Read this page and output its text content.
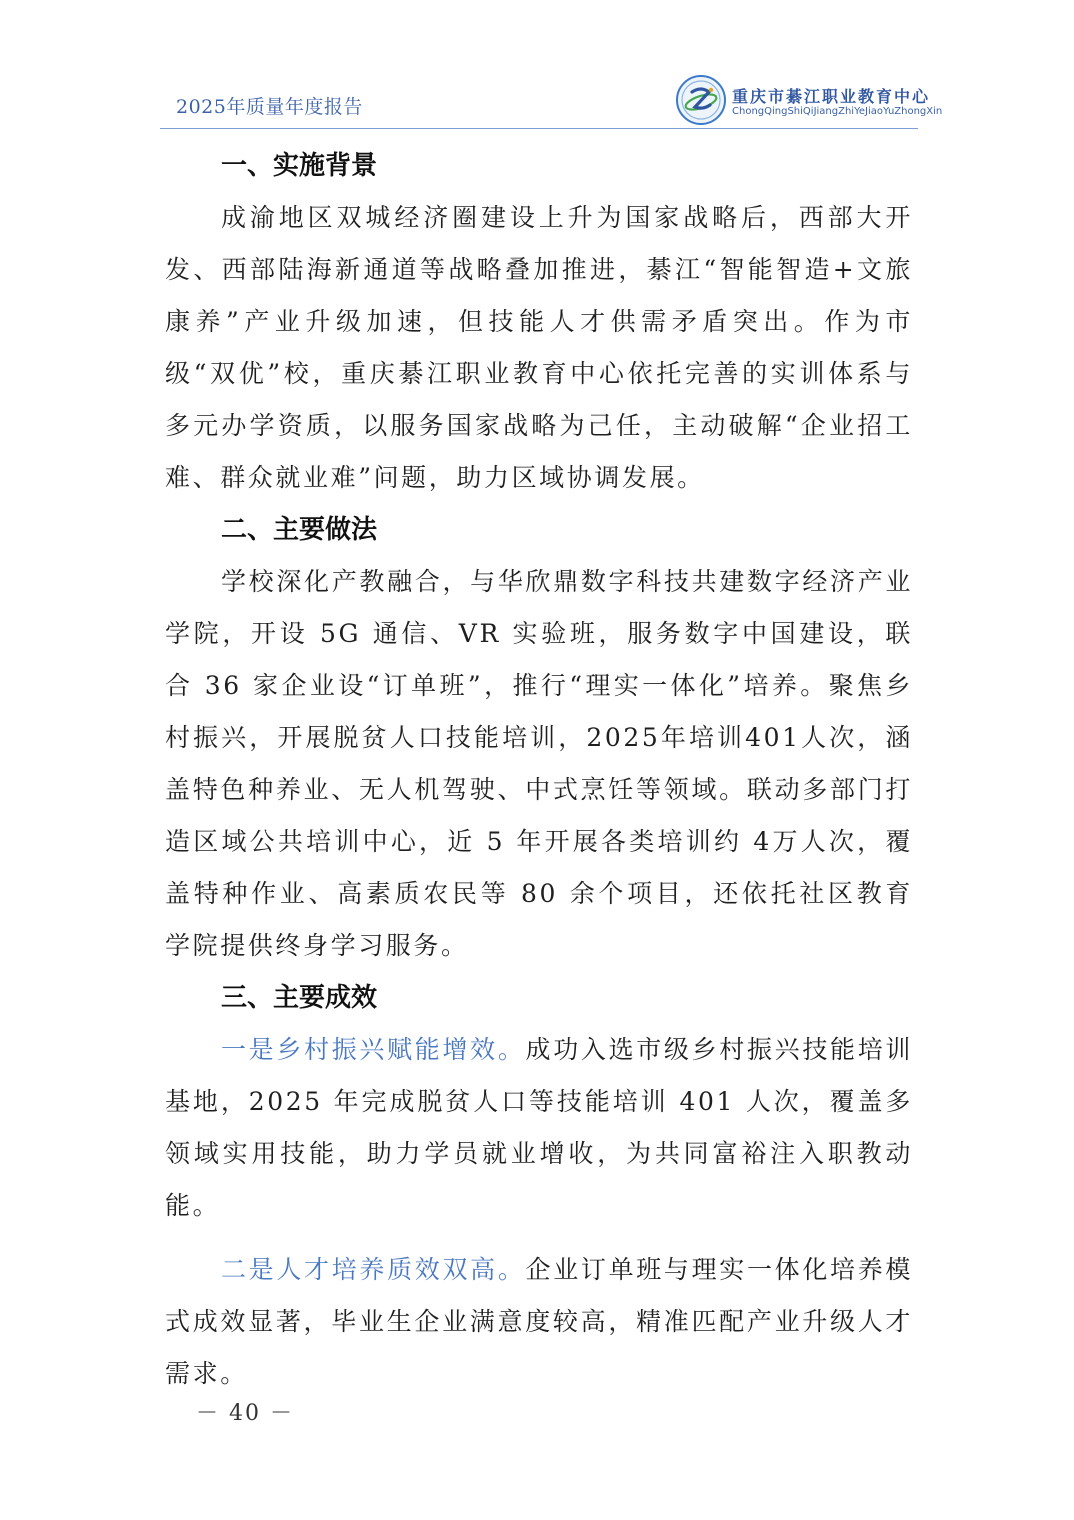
2025年质量年度报告	重庆市綦江职业教育中心
ChongQingShiQiJiangZhiYeJiaoYuZhongXin
一、实施背景

成渝地区双城经济圈建设上升为国家战略后，西部大开发、西部陆海新通道等战略叠加推进，綦江“智能智造+文旅康养”产业升级加速，但技能人才供需矛盾突出。作为市级“双优”校，重庆綦江职业教育中心依托完善的实训体系与多元办学资质，以服务国家战略为己任，主动破解“企业招工难、群众就业难”问题，助力区域协调发展。

二、主要做法

学校深化产教融合，与华欣鼎数字科技共建数字经济产业学院，开设 5G 通信、VR 实验班，服务数字中国建设，联合 36 家企业设“订单班”，推行“理实一体化”培养。聚焦乡村振兴，开展脱贫人口技能培训，2025年培训401人次，涵盖特色种养业、无人机驾驶、中式烹饪等领域。联动多部门打造区域公共培训中心，近 5 年开展各类培训约 4万人次，覆盖特种作业、高素质农民等 80 余个项目，还依托社区教育学院提供终身学习服务。

三、主要成效

一是乡村振兴赋能增效。成功入选市级乡村振兴技能培训基地，2025 年完成脱贫人口等技能培训 401 人次，覆盖多领域实用技能，助力学员就业增收，为共同富裕注入职教动能。

二是人才培养质效双高。企业订单班与理实一体化培养模式成效显著，毕业生企业满意度较高，精准匹配产业升级人才需求。

－ 40 －
